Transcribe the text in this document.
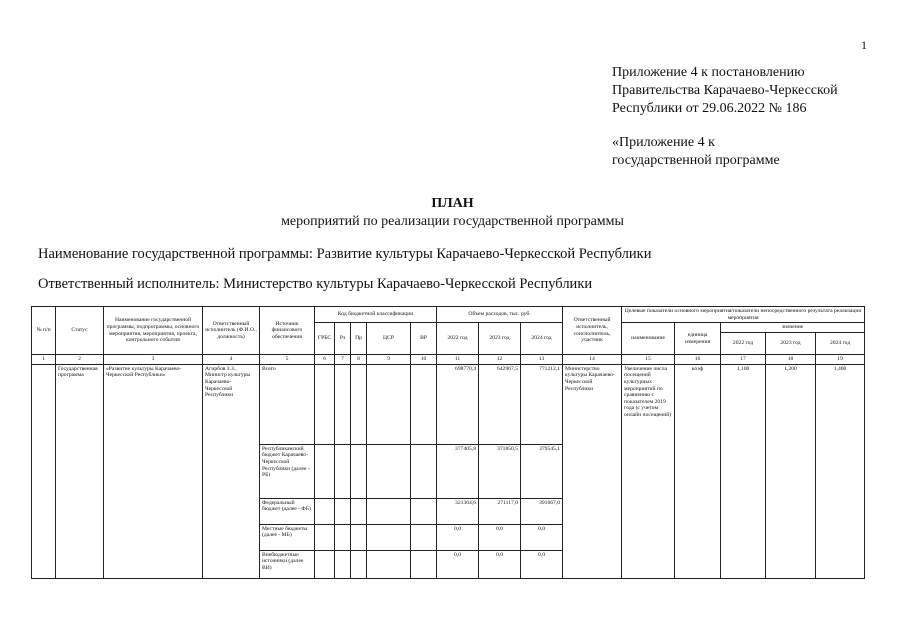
1
Приложение 4 к постановлению
Правительства Карачаево-Черкесской
Республики от 29.06.2022 № 186
«Приложение 4 к
государственной программе
ПЛАН
мероприятий по реализации государственной программы
Наименование государственной программы: Развитие культуры Карачаево-Черкесской Республики
Ответственный исполнитель: Министерство культуры Карачаево-Черкесской Республики
№ п/п	Статус	Наименование государственной программы, подпрограммы, основного мероприятия, мероприятия, проекта, контрольного события	Ответственный исполнитель (Ф.И.О., должность)	Источник финансового обеспечения	Код бюджетной классификации					Объем расходов, тыс. руб.			Ответственный исполнитель, соисполнитель, участник	Целевые показатели основного мероприятия/показатели непосредственного результата реализации мероприятия				
					ГРБС	Рз	Пр	ЦСР	ВР	2022 год	2023 год	2024 год		наименование	единица измерения	значение		
																2022 год	2023 год	2024 год
1	2	3	4	5	6	7	8	9	10	11	12	13	14	15	16	17	18	19
	Государственная программа	«Развитие культуры Карачаево-Черкесской Республики»	Агирбов З.З., Министр культуры Карачаево-Черкесской Республики	Всего						698770,4	642967,5	771212,1	Министерство культуры Карачаево-Черкесской Республики	Увеличение числа посещений культурных мероприятий по сравнению с показателем 2019 года (с учетом онлайн посещений)	коэф	1,100	1,200	1,400
				Республиканский бюджет Карачаево-Черкесской Республики (далее - РБ)						377405,8	371850,5	379545,1						
				Федеральный бюджет (далее - ФБ)						321364,6	271117,0	391667,0						
				Местные бюджеты (далее - МБ)						0,0	0,0	0,0						
				Внебюджетные источники (далее ВИ)						0,0	0,0	0,0						
